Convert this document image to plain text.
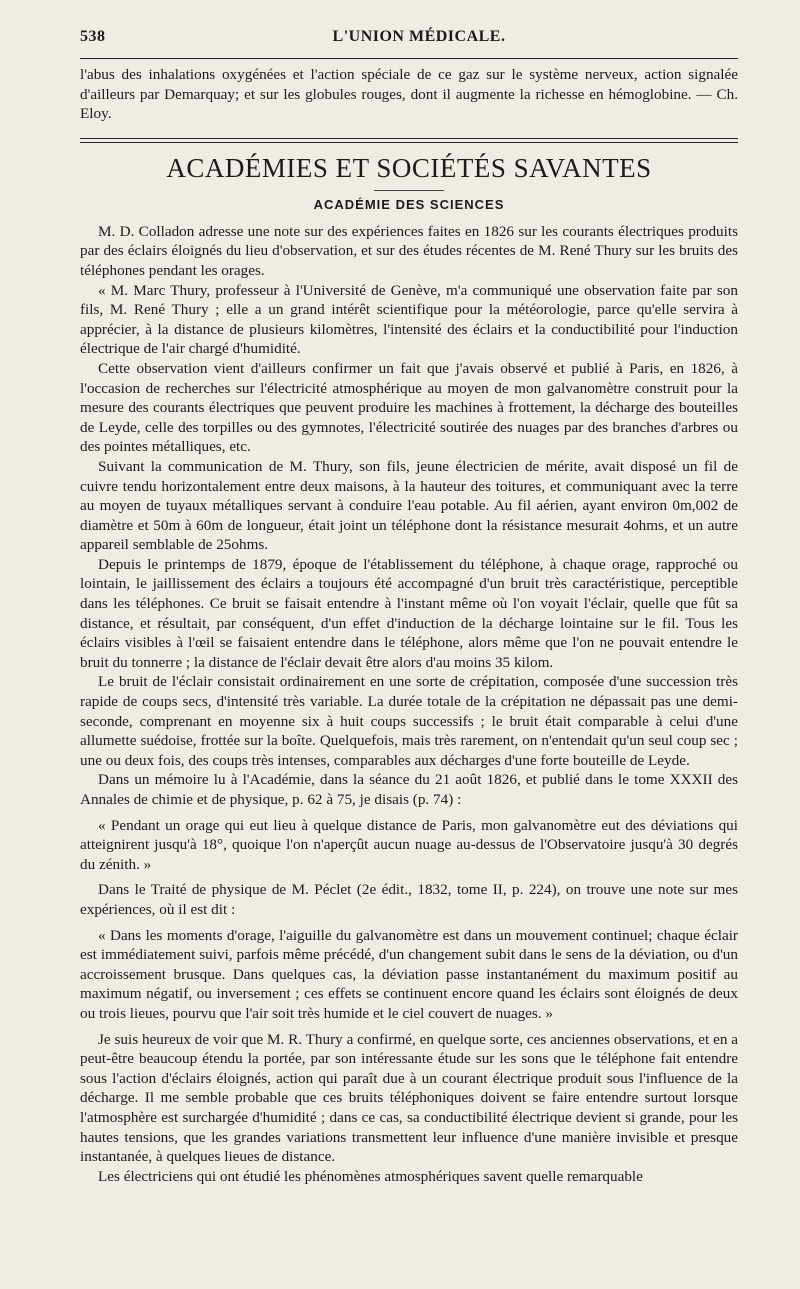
538	L'UNION MÉDICALE.

l'abus des inhalations oxygénées et l'action spéciale de ce gaz sur le système nerveux, action signalée d'ailleurs par Demarquay; et sur les globules rouges, dont il augmente la richesse en hémoglobine. — Ch. Eloy.

ACADÉMIES ET SOCIÉTÉS SAVANTES
ACADÉMIE DES SCIENCES

M. D. Colladon adresse une note sur des expériences faites en 1826 sur les courants électriques produits par des éclairs éloignés du lieu d'observation, et sur des études récentes de M. René Thury sur les bruits des téléphones pendant les orages.

« M. Marc Thury, professeur à l'Université de Genève, m'a communiqué une observation faite par son fils, M. René Thury ; elle a un grand intérêt scientifique pour la météorologie, parce qu'elle servira à apprécier, à la distance de plusieurs kilomètres, l'intensité des éclairs et la conductibilité pour l'induction électrique de l'air chargé d'humidité.

Cette observation vient d'ailleurs confirmer un fait que j'avais observé et publié à Paris, en 1826, à l'occasion de recherches sur l'électricité atmosphérique au moyen de mon galvanomètre construit pour la mesure des courants électriques que peuvent produire les machines à frottement, la décharge des bouteilles de Leyde, celle des torpilles ou des gymnotes, l'électricité soutirée des nuages par des branches d'arbres ou des pointes métalliques, etc.

Suivant la communication de M. Thury, son fils, jeune électricien de mérite, avait disposé un fil de cuivre tendu horizontalement entre deux maisons, à la hauteur des toitures, et communiquant avec la terre au moyen de tuyaux métalliques servant à conduire l'eau potable. Au fil aérien, ayant environ 0m,002 de diamètre et 50m à 60m de longueur, était joint un téléphone dont la résistance mesurait 4ohms, et un autre appareil semblable de 25ohms.

Depuis le printemps de 1879, époque de l'établissement du téléphone, à chaque orage, rapproché ou lointain, le jaillissement des éclairs a toujours été accompagné d'un bruit très caractéristique, perceptible dans les téléphones. Ce bruit se faisait entendre à l'instant même où l'on voyait l'éclair, quelle que fût sa distance, et résultait, par conséquent, d'un effet d'induction de la décharge lointaine sur le fil. Tous les éclairs visibles à l'œil se faisaient entendre dans le téléphone, alors même que l'on ne pouvait entendre le bruit du tonnerre ; la distance de l'éclair devait être alors d'au moins 35 kilom.

Le bruit de l'éclair consistait ordinairement en une sorte de crépitation, composée d'une succession très rapide de coups secs, d'intensité très variable. La durée totale de la crépitation ne dépassait pas une demi-seconde, comprenant en moyenne six à huit coups successifs ; le bruit était comparable à celui d'une allumette suédoise, frottée sur la boîte. Quelquefois, mais très rarement, on n'entendait qu'un seul coup sec ; une ou deux fois, des coups très intenses, comparables aux décharges d'une forte bouteille de Leyde.

Dans un mémoire lu à l'Académie, dans la séance du 21 août 1826, et publié dans le tome XXXII des Annales de chimie et de physique, p. 62 à 75, je disais (p. 74) :

« Pendant un orage qui eut lieu à quelque distance de Paris, mon galvanomètre eut des déviations qui atteignirent jusqu'à 18°, quoique l'on n'aperçût aucun nuage au-dessus de l'Observatoire jusqu'à 30 degrés du zénith. »

Dans le Traité de physique de M. Péclet (2e édit., 1832, tome II, p. 224), on trouve une note sur mes expériences, où il est dit :

« Dans les moments d'orage, l'aiguille du galvanomètre est dans un mouvement continuel; chaque éclair est immédiatement suivi, parfois même précédé, d'un changement subit dans le sens de la déviation, ou d'un accroissement brusque. Dans quelques cas, la déviation passe instantanément du maximum positif au maximum négatif, ou inversement ; ces effets se continuent encore quand les éclairs sont éloignés de deux ou trois lieues, pourvu que l'air soit très humide et le ciel couvert de nuages. »

Je suis heureux de voir que M. R. Thury a confirmé, en quelque sorte, ces anciennes observations, et en a peut-être beaucoup étendu la portée, par son intéressante étude sur les sons que le téléphone fait entendre sous l'action d'éclairs éloignés, action qui paraît due à un courant électrique produit sous l'influence de la décharge. Il me semble probable que ces bruits téléphoniques doivent se faire entendre surtout lorsque l'atmosphère est surchargée d'humidité ; dans ce cas, sa conductibilité électrique devient si grande, pour les hautes tensions, que les grandes variations transmettent leur influence d'une manière invisible et presque instantanée, à quelques lieues de distance.

Les électriciens qui ont étudié les phénomènes atmosphériques savent quelle remarquable
